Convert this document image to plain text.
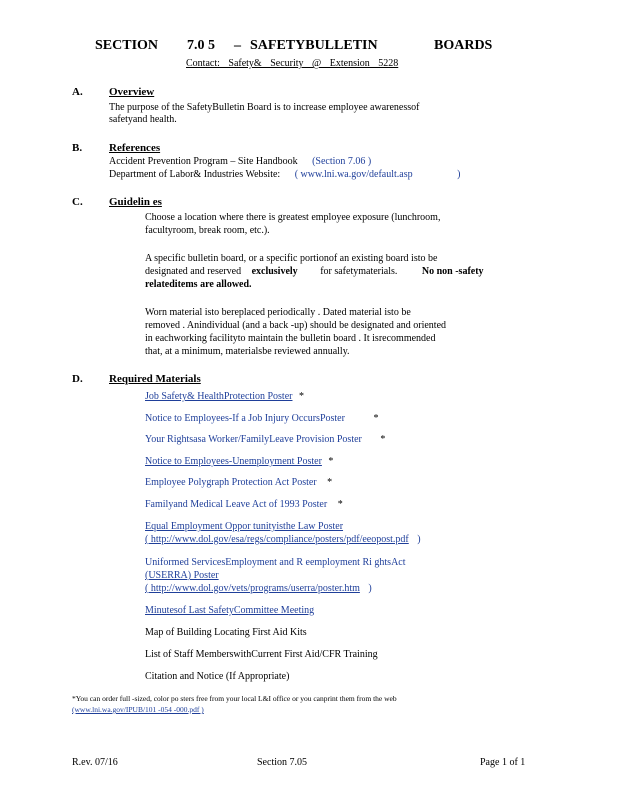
SECTION 7.0 5 – SAFETYBULLETIN	BOARDS
Contact: Safety& Security @ Extension 5228
A. Overview
The purpose of the SafetyBulletin Board is to increase employee awarenessof
safetyand health.
B. References
Accident Prevention Program – Site Handbook (Section 7.06 )
Department of Labor& Industries Website: ( www.lni.wa.gov/default.asp	)
C. Guidelin es
Choose a location where there is greatest employee exposure (lunchroom,
facultyroom, break room, etc.).
A specific bulletin board, or a specific portionof an existing board isto be
designated and reserved exclusively for safetymaterials. No non -safety
relateditems are allowed.
Worn material isto bereplaced periodically . Dated material isto be
removed . Anindividual (and a back -up) should be designated and oriented
in eachworking facilityto maintain the bulletin board . It isrecommended
that, at a minimum, materialsbe reviewed annually.
D. Required Materials
Job Safety& HealthProtection Poster *
Notice to Employees-If a Job Injury OccursPoster	*
Your Rightsasa Worker/FamilyLeave Provision Poster *
Notice to Employees-Unemployment Poster *
Employee Polygraph Protection Act Poster *
Familyand Medical Leave Act of 1993 Poster *
Equal Employment Oppor tunityisthe Law Poster
( http://www.dol.gov/esa/regs/compliance/posters/pdf/eeopost.pdf )
Uniformed ServicesEmployment and R eemployment Ri ghtsAct
(USERRA) Poster
( http://www.dol.gov/vets/programs/userra/poster.htm )
Minutesof Last SafetyCommittee Meeting
Map of Building Locating First Aid Kits
List of Staff MemberswithCurrent First Aid/CFR Training
Citation and Notice (If Appropriate)
*You can order full -sized, color po sters free from your local L&I office or you canprint them from the web
(www.lni.wa.gov/IPUB/101 -054 -000.pdf )
R.ev. 07/16	Section 7.05	Page 1 of 1
